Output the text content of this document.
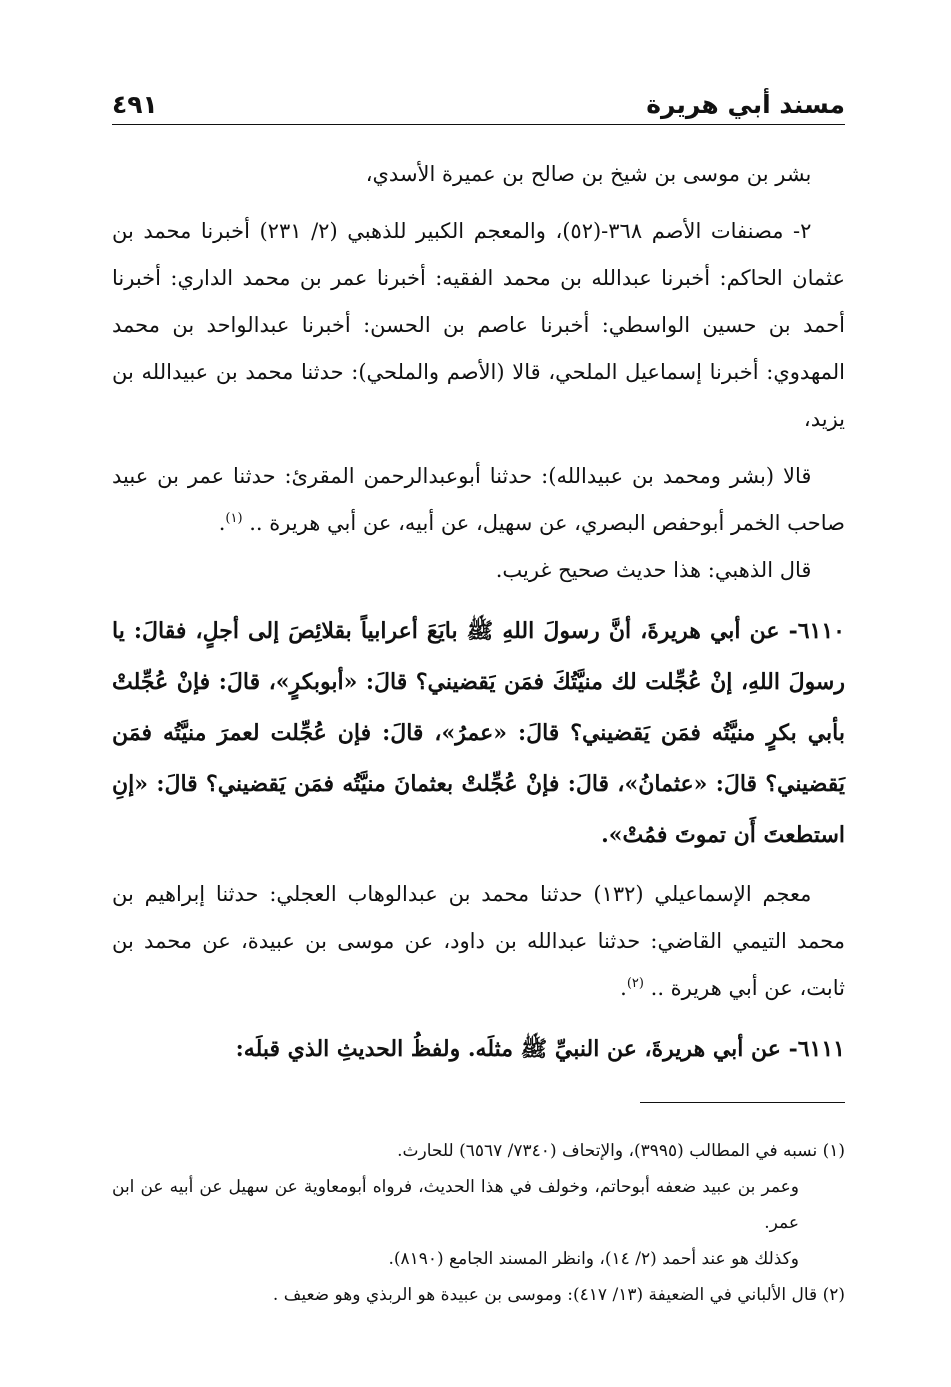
مسند أبي هريرة
٤٩١

بشر بن موسى بن شيخ بن صالح بن عميرة الأسدي،

٢- مصنفات الأصم ٣٦٨-(٥٢)، والمعجم الكبير للذهبي (٢/ ٢٣١) أخبرنا محمد بن عثمان الحاكم: أخبرنا عبدالله بن محمد الفقيه: أخبرنا عمر بن محمد الداري: أخبرنا أحمد بن حسين الواسطي: أخبرنا عاصم بن الحسن: أخبرنا عبدالواحد بن محمد المهدوي: أخبرنا إسماعيل الملحي، قالا (الأصم والملحي): حدثنا محمد بن عبيدالله بن يزيد،

قالا (بشر ومحمد بن عبيدالله): حدثنا أبوعبدالرحمن المقرئ: حدثنا عمر بن عبيد صاحب الخمر أبوحفص البصري، عن سهيل، عن أبيه، عن أبي هريرة .. $^{(١)}$.

قال الذهبي: هذا حديث صحيح غريب.

٦١١٠- عن أبي هريرةَ، أنَّ رسولَ اللهِ ﷺ بايَعَ أعرابياً بقلائِصَ إلى أجلٍ، فقالَ: يا رسولَ اللهِ، إنْ عُجِّلت لك منيَّتُكَ فمَن يَقضيني؟ قالَ: «أبوبكرٍ»، قالَ: فإنْ عُجِّلتْ بأبي بكرٍ منيَّتُه فمَن يَقضيني؟ قالَ: «عمرُ»، قالَ: فإن عُجِّلت لعمرَ منيَّتُه فمَن يَقضيني؟ قالَ: «عثمانُ»، قالَ: فإنْ عُجِّلتْ بعثمانَ منيَّتُه فمَن يَقضيني؟ قالَ: «إنِ استطعتَ أَن تموتَ فمُتْ».

معجم الإسماعيلي (١٣٢) حدثنا محمد بن عبدالوهاب العجلي: حدثنا إبراهيم بن محمد التيمي القاضي: حدثنا عبدالله بن داود، عن موسى بن عبيدة، عن محمد بن ثابت، عن أبي هريرة .. $^{(٢)}$.

٦١١١- عن أبي هريرةَ، عن النبيِّ ﷺ مثلَه. ولفظُ الحديثِ الذي قبلَه:

(١) نسبه في المطالب (٣٩٩٥)، والإتحاف (٧٣٤٠/ ٦٥٦٧) للحارث.

وعمر بن عبيد ضعفه أبوحاتم، وخولف في هذا الحديث، فرواه أبومعاوية عن سهيل عن أبيه عن ابن عمر.

وكذلك هو عند أحمد (٢/ ١٤)، وانظر المسند الجامع (٨١٩٠).

(٢) قال الألباني في الضعيفة (١٣/ ٤١٧): وموسى بن عبيدة هو الربذي وهو ضعيف .
